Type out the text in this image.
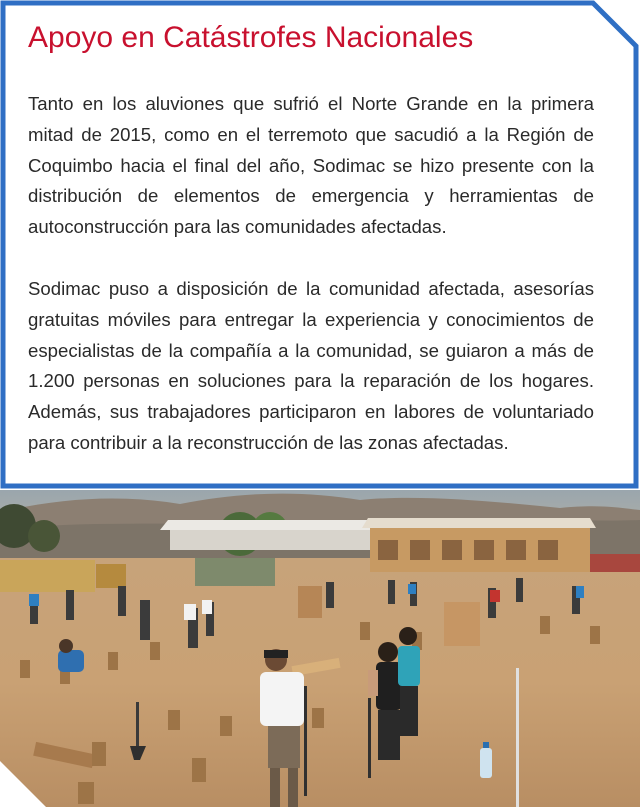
Apoyo en Catástrofes Nacionales

Tanto en los aluviones que sufrió el Norte Grande en la primera mitad de 2015, como en el terremoto que sacudió a la Región de Coquimbo hacia el final del año, Sodimac se hizo presente con la distribución de elementos de emergencia y herramientas de autoconstrucción para las comunidades afectadas.

Sodimac puso a disposición de la comunidad afectada, asesorías gratuitas móviles para entregar la experiencia y conocimientos de especialistas de la compañía a la comunidad, se guiaron a más de 1.200 personas en soluciones para la reparación de los hogares. Además, sus trabajadores participaron en labores de voluntariado para contribuir a la reconstrucción de las zonas afectadas.
